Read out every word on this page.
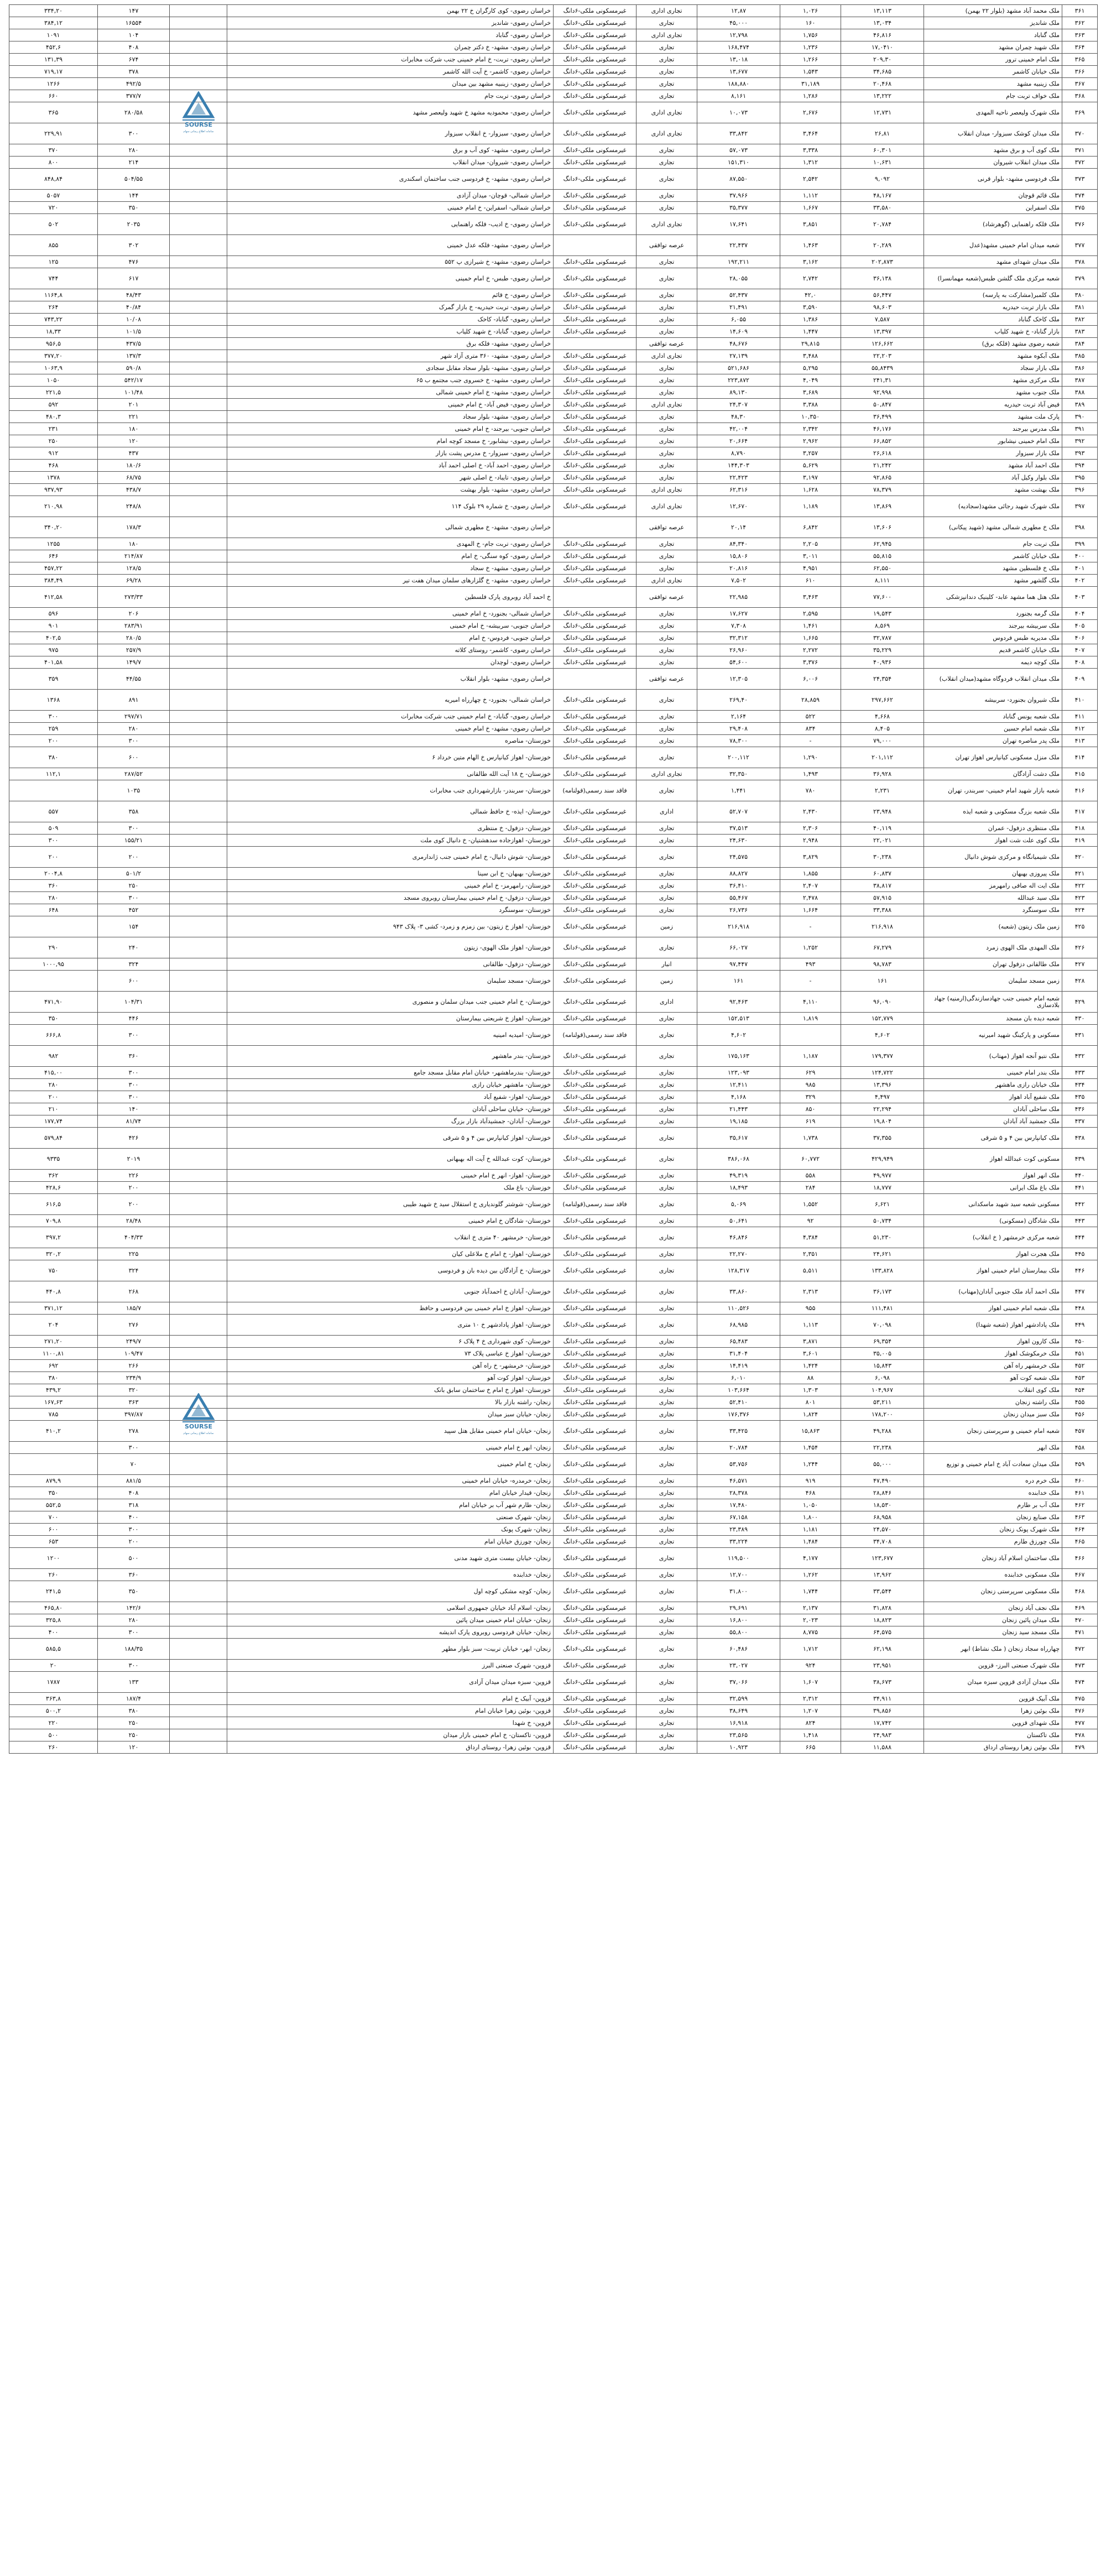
۳۶۱	ملک محمد آباد مشهد (بلوار ۲۲ بهمن)	۱۳,۱۱۳	۱,۰۲۶	۱۲,۸۷	تجاری اداری	غیرمسکونی ملکی-۶دانگ	خراسان رضوی- کوی کارگران خ ۲۲ بهمن		۱۴۷	۳۳۴,۲۰
۳۶۲	ملک شاندیز	۱۳,۰۳۴	۱۶۰	۴۵,۰۰۰	تجاری	غیرمسکونی ملکی-۶دانگ	خراسان رضوی- شاندیز		۱۶۵۵۴	۳۸۴,۱۲
۳۶۳	ملک گناباد	۴۶,۸۱۶	۱,۷۵۶	۱۲,۷۹۸	تجاری اداری	غیرمسکونی ملکی-۶دانگ	خراسان رضوی- گناباد		۱۰۴	۱۰۹۱
۳۶۴	ملک شهید چمران مشهد	۱۷,۰۴۱۰	۱,۲۳۶	۱۶۸,۴۷۴	تجاری	غیرمسکونی ملکی-۶دانگ	خراسان رضوی- مشهد- خ دکتر چمران		۴۰۸	۴۵۲,۶
۳۶۵	ملک امام خمینی ترور	۲۰۹,۳۰	۱,۲۶۶	۱۳,۰۱۸	تجاری	غیرمسکونی ملکی-۶دانگ	خراسان رضوی- تربت- خ امام خمینی جنب شرکت مخابرات		۶۷۴	۱۳۱,۳۹
۳۶۶	ملک خیابان کاشمر	۳۴,۶۸۵	۱,۵۴۳	۱۳,۶۷۷	تجاری	غیرمسکونی ملکی-۶دانگ	خراسان رضوی- کاشمر- خ آیت الله کاشمر		۳۷۸	۷۱۹,۱۷
۳۶۷	ملک زینبیه مشهد	۲۰,۴۶۸	۳۱,۱۸۹	۱۸۸,۸۸۰	تجاری	غیرمسکونی ملکی-۶دانگ	خراسان رضوی- زینبیه مشهد بین میدان		۴۹۲/۵	۱۲۶۶
۳۶۸	ملک خواف تربت جام	۱۳,۲۲۲	۱,۲۸۶	۸,۱۶۱	تجاری	غیرمسکونی ملکی-۶دانگ	خراسان رضوی- تربت جام		۳۷۷/۷	۶۶۰
۳۶۹	ملک شهرک ولیعصر ناحیه المهدی	۱۲,۷۳۱	۲,۶۷۶	۱۰,۰۷۳	تجاری اداری	غیرمسکونی ملکی-۶دانگ	خراسان رضوی- محمودیه مشهد خ شهید ولیعصر مشهد		۲۸۰/۵۸	۳۶۵
۳۷۰	ملک میدان کوشک سبزوار- میدان انقلاب	۲۶,۸۱	۳,۴۶۴	۳۳,۸۴۲	تجاری اداری	غیرمسکونی ملکی-۶دانگ	خراسان رضوی- سبزوار- خ انقلاب سبزوار		۳۰۰	۲۲۹,۹۱
۳۷۱	ملک کوی آب و برق مشهد	۶۰,۳۰۱	۳,۳۳۸	۵۷,۰۷۳	تجاری	غیرمسکونی ملکی-۶دانگ	خراسان رضوی- مشهد- کوی آب و برق		۲۸۰	۳۷۰
۳۷۲	ملک میدان انقلاب شیروان	۱۰,۶۳۱	۱,۳۱۲	۱۵۱,۳۱۰	تجاری	غیرمسکونی ملکی-۶دانگ	خراسان رضوی- شیروان- میدان انقلاب		۲۱۴	۸۰۰
۳۷۳	ملک فردوسی مشهد- بلوار قرنی	۹,۰۹۲	۲,۵۴۲	۸۷,۵۵۰	تجاری	غیرمسکونی ملکی-۶دانگ	خراسان رضوی- مشهد- خ فردوسی جنب ساختمان اسکندری		۵۰۴/۵۵	۸۴۸,۸۴
۳۷۴	ملک قائم قوچان	۴۸,۱۶۷	۱,۱۱۲	۳۷,۹۶۶	تجاری	غیرمسکونی ملکی-۶دانگ	خراسان شمالی- قوچان- میدان آزادی		۱۴۴	۵۰۵۷
۳۷۵	ملک اسفراین	۳۳,۵۸۰	۱,۶۶۷	۳۵,۳۷۷	تجاری	غیرمسکونی ملکی-۶دانگ	خراسان شمالی- اسفراین- خ امام خمینی		۳۵۰	۷۲۰
۳۷۶	ملک فلکه راهنمایی (گوهرشاد)	۲۰,۷۸۴	۳,۸۵۱	۱۷,۶۴۱	تجاری اداری	غیرمسکونی ملکی-۶دانگ	خراسان رضوی- خ ادیب- فلکه راهنمایی		۲۰۳۵	۵۰۲
۳۷۷	شعبه میدان امام خمینی مشهد(عدل	۲۰,۲۸۹	۱,۴۶۳	۲۲,۴۳۷	عرصه توافقی		خراسان رضوی- مشهد- فلکه عدل خمینی		۳۰۲	۸۵۵
۳۷۸	ملک میدان شهدای مشهد	۲۰۲,۸۷۳	۳,۱۶۲	۱۹۲,۲۱۱	تجاری	غیرمسکونی ملکی-۶دانگ	خراسان رضوی- مشهد- خ شیرازی پ ۵۵۲		۴۷۶	۱۲۵
۳۷۹	شعبه مرکزی ملک گلشن طبس(شعبه مهمانسرا)	۳۶,۱۳۸	۲,۷۴۲	۲۸,۰۵۵	تجاری	غیرمسکونی ملکی-۶دانگ	خراسان رضوی- طبس- خ امام خمینی		۶۱۷	۷۴۴
۳۸۰	ملک کلمبر(مشارکت به پارسه)	۵۶,۴۴۷	۴۲,۰	۵۲,۴۳۷	تجاری	غیرمسکونی ملکی-۶دانگ	خراسان رضوی- خ قائم		۴۸/۴۳	۱۱۶۴,۸
۳۸۱	ملک بازار تربت حیدریه	۹۸,۶۰۳	۳,۵۹۰	۲۱,۴۹۱	تجاری	غیرمسکونی ملکی-۶دانگ	خراسان رضوی- تربت حیدریه- خ بازار گمرک		۴۰/۸۴	۲۶۴
۳۸۲	ملک کاخک گناباد	۷,۵۸۷	۱,۳۸۶	۶,۰۵۵	تجاری	غیرمسکونی ملکی-۶دانگ	خراسان رضوی- گناباد- کاخک		۱۰/۰۸	۷۴۳,۲۲
۳۸۳	بازار گناباد- خ شهید کلیاب	۱۳,۳۹۷	۱,۴۴۷	۱۴,۶۰۹	تجاری	غیرمسکونی ملکی-۶دانگ	خراسان رضوی- گناباد- خ شهید کلیاب		۱۰۱/۵	۱۸,۳۳
۳۸۴	شعبه رضوی مشهد (فلکه برق)	۱۲۶,۶۶۲	۲۹,۸۱۵	۴۸,۶۷۶	عرصه توافقی		خراسان رضوی- مشهد- فلکه برق		۴۳۷/۵	۹۵۶,۵
۳۸۵	ملک آبکوه مشهد	۲۲,۲۰۳	۳,۴۸۸	۲۷,۱۳۹	تجاری اداری	غیرمسکونی ملکی-۶دانگ	خراسان رضوی- مشهد- ۳۶۰ متری آزاد شهر		۱۳۷/۳	۳۷۷,۲۰
۳۸۶	ملک بازار سجاد	۵۵,۸۴۳۹	۵,۲۹۵	۵۲۱,۶۸۶	تجاری	غیرمسکونی ملکی-۶دانگ	خراسان رضوی- مشهد- بلوار سجاد مقابل سجادی		۵۹۰/۸	۱۰۶۳,۹
۳۸۷	ملک مرکزی مشهد	۲۴۱,۳۱	۴,۰۴۹	۲۲۳,۸۷۲	تجاری	غیرمسکونی ملکی-۶دانگ	خراسان رضوی- مشهد- خ خسروی جنب مجتمع ب ۶۵		۵۴۲/۱۷	۱۰۵۰
۳۸۸	ملک جنوب مشهد	۹۲,۹۹۸	۳,۶۸۹	۸۹,۱۳۰	تجاری	غیرمسکونی ملکی-۶دانگ	خراسان رضوی- مشهد- خ امام خمینی شمالی		۱۰۱/۴۸	۲۲۱,۵
۳۸۹	فیض آباد تربت حیدریه	۵۰,۸۴۷	۳,۳۸۸	۲۴,۳۰۷	تجاری اداری	غیرمسکونی ملکی-۶دانگ	خراسان رضوی- فیض آباد- خ امام خمینی		۲۰۱	۵۹۲
۳۹۰	پارک ملت مشهد	۳۶,۴۹۹	۱۰,۳۵۰	۴۸,۳۰	تجاری	غیرمسکونی ملکی-۶دانگ	خراسان رضوی- مشهد- بلوار سجاد		۲۲۱	۴۸۰,۳
۳۹۱	ملک مدرس بیرجند	۴۶,۱۷۶	۲,۳۴۲	۴۲,۰۰۴	تجاری	غیرمسکونی ملکی-۶دانگ	خراسان جنوبی- بیرجند- خ امام خمینی		۱۸۰	۲۳۱
۳۹۲	ملک امام خمینی نیشابور	۶۶,۸۵۲	۲,۹۶۲	۲۰,۶۶۴	تجاری	غیرمسکونی ملکی-۶دانگ	خراسان رضوی- نیشابور- خ مسجد کوچه امام		۱۲۰	۲۵۰
۳۹۳	ملک بازار سبزوار	۲۶,۶۱۸	۳,۲۵۷	۸,۷۹۰	تجاری	غیرمسکونی ملکی-۶دانگ	خراسان رضوی- سبزوار- خ مدرس پشت بازار		۴۳۷	۹۱۲
۳۹۴	ملک احمد آباد مشهد	۲۱,۲۴۲	۵,۶۲۹	۱۴۴,۳۰۳	تجاری	غیرمسکونی ملکی-۶دانگ	خراسان رضوی- احمد آباد- خ اصلی احمد آباد		۱۸۰/۶	۴۶۸
۳۹۵	ملک بلوار وکیل آباد	۹۲,۸۶۵	۳,۱۹۷	۲۲,۴۲۳	تجاری	غیرمسکونی ملکی-۶دانگ	خراسان رضوی- تایباد- خ اصلی شهر		۶۸/۷۵	۱۳۷۸
۳۹۶	ملک بهشت مشهد	۷۸,۳۷۹	۱,۶۲۸	۶۲,۳۱۶	تجاری اداری	غیرمسکونی ملکی-۶دانگ	خراسان رضوی- مشهد- بلوار بهشت		۴۳۸/۷	۹۳۷,۹۳
۳۹۷	ملک شهرک شهید رجائی مشهد(سجادیه)	۱۳,۸۶۹	۱,۱۸۹	۱۲,۶۷۰	تجاری اداری	غیرمسکونی ملکی-۶دانگ	خراسان رضوی- خ شماره ۲۹ بلوک ۱۱۴		۲۴۸/۸	۲۱۰,۹۸
۳۹۸	ملک خ مطهری شمالی مشهد (شهید پیکانی)	۱۳,۶۰۶	۶,۸۴۲	۲۰,۱۴	عرصه توافقی		خراسان رضوی- مشهد- خ مطهری شمالی		۱۷۸/۳	۳۴۰,۲۰
۳۹۹	ملک تربت جام	۶۲,۹۴۵	۲,۲۰۵	۸۴,۳۴۰	تجاری	غیرمسکونی ملکی-۶دانگ	خراسان رضوی- تربت جام- خ المهدی		۱۸۰	۱۲۵۵
۴۰۰	ملک خیابان کاشمر	۵۵,۸۱۵	۳,۰۱۱	۱۵,۸۰۶	تجاری	غیرمسکونی ملکی-۶دانگ	خراسان رضوی- کوه سنگی- خ امام		۲۱۴/۸۷	۶۴۶
۴۰۱	ملک خ فلسطین مشهد	۶۲,۵۵۰	۴,۹۵۱	۲۰,۸۱۶	تجاری	غیرمسکونی ملکی-۶دانگ	خراسان رضوی- مشهد- خ سجاد		۱۲۸/۵	۴۵۷,۲۲
۴۰۲	ملک گلشهر مشهد	۸,۱۱۱	۶۱۰	۷,۵۰۲	تجاری اداری	غیرمسکونی ملکی-۶دانگ	خراسان رضوی- مشهد- خ گلزارهای سلمان میدان هفت تیر		۶۹/۲۸	۳۸۴,۴۹
۴۰۳	ملک هتل هما مشهد عابد- کلینیک دندانپزشکی	۷۷,۶۰۰	۳,۴۶۳	۲۲,۹۸۵	عرصه توافقی		خ احمد آباد روبروی پارک فلسطین		۲۷۳/۳۳	۴۱۲,۵۸
۴۰۴	ملک گرمه بجنورد	۱۹,۵۴۳	۲,۵۹۵	۱۷,۶۲۷	تجاری	غیرمسکونی ملکی-۶دانگ	خراسان شمالی- بجنورد- خ امام خمینی		۲۰۶	۵۹۶
۴۰۵	ملک سربیشه بیرجند	۸,۵۶۹	۱,۴۶۱	۷,۳۰۸	تجاری	غیرمسکونی ملکی-۶دانگ	خراسان جنوبی- سربیشه- خ امام خمینی		۲۸۳/۹۱	۹۰۱
۴۰۶	ملک مدیریه طبس فردوس	۳۲,۷۸۷	۱,۶۶۵	۳۲,۳۱۲	تجاری	غیرمسکونی ملکی-۶دانگ	خراسان جنوبی- فردوس- خ امام		۲۸۰/۵	۴۰۲,۵
۴۰۷	ملک خیابان کاشمر قدیم	۳۵,۲۲۹	۲,۲۷۲	۲۶,۹۶۰	تجاری	غیرمسکونی ملکی-۶دانگ	خراسان رضوی- کاشمر- روستای کلاته		۲۵۷/۹	۹۷۵
۴۰۸	ملک کوچه دیمه	۴۰,۹۳۶	۳,۳۷۶	۵۴,۶۰۰	تجاری	غیرمسکونی ملکی-۶دانگ	خراسان رضوی- لوچدان		۱۴۹/۷	۴۰۱,۵۸
۴۰۹	ملک میدان انقلاب فردوگاه مشهد(میدان انقلاب)	۲۴,۳۵۴	۶,۰۰۶	۱۲,۳۰۵	عرصه توافقی		خراسان رضوی- مشهد- بلوار انقلاب		۴۴/۵۵	۳۵۹
۴۱۰	ملک شیروان بجنورد- سربیشه	۲۹۷,۶۶۲	۲۸,۸۵۹	۲۶۹,۴۰	تجاری	غیرمسکونی ملکی-۶دانگ	خراسان شمالی- بجنورد- خ چهارراه امیریه		۸۹۱	۱۳۶۸
۴۱۱	ملک شعبه یونس گناباد	۴,۶۶۸	۵۲۲	۲,۱۶۴	تجاری	غیرمسکونی ملکی-۶دانگ	خراسان رضوی- گناباد- خ امام خمینی جنب شرکت مخابرات		۲۹۷/۷۱	۳۰۰
۴۱۲	ملک شعبه امام حسین	۸,۴۰۵	۸۳۴	۲۹,۴۰۸	تجاری	غیرمسکونی ملکی-۶دانگ	خراسان رضوی- مشهد- خ امام خمینی		۲۸۰	۲۵۹
۴۱۳	ملک پدر مناصره تهران	۷۹,۰۰۰	-	۷۸,۳۰۰	تجاری	غیرمسکونی ملکی-۶دانگ	خوزستان- مناصره		۳۰۰	۲۰۰
۴۱۴	ملک منزل مسکونی کیانپارس اهواز تهران	۲۰۱,۱۱۲	۱,۲۹۰	۲۰۰,۱۱۲	تجاری	غیرمسکونی ملکی-۶دانگ	خوزستان- اهواز کیانپارس خ الهام متین خرداد ۶		۶۰۰	۳۸۰
۴۱۵	ملک دشت آزادگان	۳۶,۹۲۸	۱,۴۹۳	۳۲,۳۵۰	تجاری اداری	غیرمسکونی ملکی-۶دانگ	خوزستان- خ ۱۸ آیت الله طالقانی		۲۸۷/۵۲	۱۱۲,۱
۴۱۶	شعبه بازار شهید امام خمینی- سربندر، تهران	۲,۲۳۱	۷۸۰	۱,۴۴۱	تجاری	فاقد سند رسمی(قولنامه)	خوزستان- سربندر- بازارشهرداری جنب مخابرات		۱۰۳۵	
۴۱۷	ملک شعبه بزرگ مسکونی و شعبه ایذه	۲۳,۹۴۸	۲,۴۳۰	۵۲,۷۰۷	اداری	غیرمسکونی ملکی-۶دانگ	خوزستان- ایذه- خ حافظ شمالی		۳۵۸	۵۵۷
۴۱۸	ملک منتظری دزفول- عمران	۴۰,۱۱۹	۲,۳۰۶	۳۷,۵۱۳	تجاری	غیرمسکونی ملکی-۶دانگ	خوزستان- دزفول- خ منتظری		۳۰۰	۵۰۹
۴۱۹	ملک کوی علت شت اهواز	۲۲,۰۲۱	۲,۹۴۸	۲۴,۶۳۰	تجاری	غیرمسکونی ملکی-۶دانگ	خوزستان- اهوازجاده سدهشتیان- خ دانیال کوی ملت		۱۵۵/۲۱	۳۰۰
۴۲۰	ملک شیمیانگاه و مرکزی شوش دانیال	۳۰,۲۳۸	۳,۸۲۹	۲۴,۵۷۵	تجاری	غیرمسکونی ملکی-۶دانگ	خوزستان- شوش دانیال- خ امام خمینی جنب ژاندارمری		۲۰۰	۲۰۰
۴۲۱	ملک پیروزی بهبهان	۶۰,۸۳۷	۱,۸۵۵	۸۸,۸۲۷	تجاری	غیرمسکونی ملکی-۶دانگ	خوزستان- بهبهان- خ ابن سینا		۵۰۱/۲	۲۰۰۴,۸
۴۲۲	ملک ایت اله صافی رامهرمز	۳۸,۸۱۷	۲,۴۰۷	۳۶,۴۱۰	تجاری	غیرمسکونی ملکی-۶دانگ	خوزستان- رامهرمز- خ امام خمینی		۲۵۰	۳۶۰
۴۲۳	ملک سید عبدالله	۵۷,۹۱۵	۲,۴۷۸	۵۵,۴۶۷	تجاری	غیرمسکونی ملکی-۶دانگ	خوزستان- دزفول- خ امام خمینی بیمارستان روبروی مسجد		۳۰۰	۲۸۰
۴۲۴	ملک سوسنگرد	۳۳,۳۸۸	۱,۶۶۴	۲۶,۷۳۶	تجاری	غیرمسکونی ملکی-۶دانگ	خوزستان- سوسنگرد		۴۵۲	۶۴۸
۴۲۵	زمین ملک زیتون (شعبه)	۲۱۶,۹۱۸	-	۲۱۶,۹۱۸	زمین	غیرمسکونی ملکی-۶دانگ	خوزستان- اهواز خ زیتون- بین زمزم و زمرد- کشی ۳- پلاک ۹۴۳		۱۵۴	
۴۲۶	ملک المهدی ملک الهوی زمرد	۶۷,۲۷۹	۱,۲۵۲	۶۶,۰۲۷	تجاری	غیرمسکونی ملکی-۶دانگ	خوزستان- اهواز ملک الهوی- زیتون		۲۴۰	۲۹۰
۴۲۷	ملک طالقانی دزفول تهران	۹۸,۷۸۳	۴۹۳	۹۷,۴۴۷	انبار	غیرمسکونی ملکی-۶دانگ	خوزستان- دزفول- طالقانی		۳۲۴	۱۰۰۰,۹۵
۴۲۸	زمین مسجد سلیمان	۱۶۱	-	۱۶۱	زمین	غیرمسکونی ملکی-۶دانگ	خوزستان- مسجد سلیمان		۶۰۰	
۴۲۹	شعبه امام خمینی جنب جهادسازندگی(ارمنیه) جهاد بلادسازی	۹۶,۰۹۰	۴,۱۱۰	۹۲,۴۶۳	اداری	غیرمسکونی ملکی-۶دانگ	خوزستان- خ امام خمینی جنب میدان سلمان و منصوری		۱۰۴/۳۱	۴۷۱,۹۰
۴۳۰	شعبه دیده بان مسجد	۱۵۲,۷۷۹	۱,۸۱۹	۱۵۲,۵۱۳	تجاری	غیرمسکونی ملکی-۶دانگ	خوزستان- اهواز خ شریعتی بیمارستان		۴۴۶	۳۵۰
۴۳۱	مسکونی و پارکینگ شهید امیرنیه	۴,۶۰۲		۴,۶۰۲	تجاری	فاقد سند رسمی(قولنامه)	خوزستان- امیدیه امینیه		۳۰۰	۶۶۶,۸
۴۳۲	ملک نتیو آنجه اهواز (مهتاب)	۱۷۹,۳۷۷	۱,۱۸۷	۱۷۵,۱۶۳	تجاری	غیرمسکونی ملکی-۶دانگ	خوزستان- بندر ماهشهر		۳۶۰	۹۸۲
۴۳۳	ملک بندر امام خمینی	۱۲۴,۷۲۲	۶۲۹	۱۲۳,۰۹۳	تجاری	غیرمسکونی ملکی-۶دانگ	خوزستان- بندرماهشهر- خیابان امام مقابل مسجد جامع		۳۰۰	۴۱۵,۰۰
۴۳۴	ملک خیابان رازی ماهشهر	۱۳,۳۹۶	۹۸۵	۱۲,۴۱۱	تجاری	غیرمسکونی ملکی-۶دانگ	خوزستان- ماهشهر خیابان رازی		۳۰۰	۲۸۰
۴۳۵	ملک شفیع آباد اهواز	۴,۴۹۷	۳۲۹	۴,۱۶۸	تجاری	غیرمسکونی ملکی-۶دانگ	خوزستان- اهواز- شفیع آباد		۳۰۰	۲۰۰
۴۳۶	ملک ساحلی آبادان	۲۲,۲۹۴	۸۵۰	۲۱,۴۴۳	تجاری	غیرمسکونی ملکی-۶دانگ	خوزستان- خیابان ساحلی آبادان		۱۴۰	۲۱۰
۴۳۷	ملک جمشید آباد آبادان	۱۹,۸۰۴	۶۱۹	۱۹,۱۸۵	تجاری	غیرمسکونی ملکی-۶دانگ	خوزستان- آبادان- جمشیدآباد بازار بزرگ		۸۱/۷۴	۱۷۷,۷۴
۴۳۸	ملک کیانپارس بین ۴ و ۵ شرقی	۳۷,۳۵۵	۱,۷۳۸	۳۵,۶۱۷	تجاری	غیرمسکونی ملکی-۶دانگ	خوزستان- اهواز کیانپارس بین ۴ و ۵ شرقی		۴۲۶	۵۷۹,۸۴
۴۳۹	مسکونی کوت عبدالله اهواز	۴۲۹,۹۴۹	۶۰,۷۷۲	۳۸۶,۰۶۸	تجاری	غیرمسکونی ملکی-۶دانگ	خوزستان- کوت عبدالله خ آیت اله بهبهانی		۲۰۱۹	۹۳۳۵
۴۴۰	ملک انهر اهواز	۴۹,۹۷۷	۵۵۸	۴۹,۳۱۹	تجاری	غیرمسکونی ملکی-۶دانگ	خوزستان- اهواز- انهر خ امام خمینی		۲۲۶	۳۶۲
۴۴۱	ملک باغ ملک ایرانی	۱۸,۷۷۷	۲۸۴	۱۸,۴۹۳	تجاری	غیرمسکونی ملکی-۶دانگ	خوزستان- باغ ملک		۲۰۰	۴۲۸,۶
۴۴۲	مسکونی شعبه سید شهید ماسکدانی	۶,۶۲۱	۱,۵۵۲	۵,۰۶۹	تجاری	فاقد سند رسمی(قولنامه)	خوزستان- شوشتر گلوندیاری خ استقلال سید خ شهید طیبی		۲۰۰	۶۱۶,۵
۴۴۳	ملک شادگان (مسکونی)	۵۰,۷۳۴	۹۲	۵۰,۶۴۱	تجاری	غیرمسکونی ملکی-۶دانگ	خوزستان- شادگان خ امام خمینی		۲۸/۴۸	۷۰۹,۸
۴۴۴	شعبه مرکزی خرمشهر ( خ انقلاب)	۵۱,۲۳۰	۴,۳۸۴	۴۶,۸۴۶	تجاری	غیرمسکونی ملکی-۶دانگ	خوزستان- خرمشهر ۴۰ متری خ انقلاب		۴۰۴/۳۳	۳۹۷,۲
۴۴۵	ملک هجرت اهواز	۲۴,۶۲۱	۲,۳۵۱	۲۲,۲۷۰	تجاری	غیرمسکونی ملکی-۶دانگ	خوزستان- اهواز- خ امام خ ملاعلی کیان		۲۲۵	۳۲۰,۲
۴۴۶	ملک بیمارستان امام خمینی اهواز	۱۳۳,۸۲۸	۵,۵۱۱	۱۲۸,۳۱۷	تجاری	غیرمسکونی ملکی-۶دانگ	خوزستان- خ آزادگان بین دیده بان و فردوسی		۳۲۴	۷۵۰
۴۴۷	ملک احمد آباد ملک جنوبی آبادان(مهتاب)	۳۶,۱۷۳	۲,۳۱۳	۳۳,۸۶۰	تجاری	غیرمسکونی ملکی-۶دانگ	خوزستان- آبادان خ احمدآباد جنوبی		۲۶۸	۴۴۰,۸
۴۴۸	ملک شعبه امام خمینی اهواز	۱۱۱,۴۸۱	۹۵۵	۱۱۰,۵۲۶	تجاری	غیرمسکونی ملکی-۶دانگ	خوزستان- اهواز خ امام خمینی بین فردوسی و حافظ		۱۸۵/۷	۳۷۱,۱۲
۴۴۹	ملک پادادشهر اهواز (شعبه شهدا)	۷۰,۰۹۸	۱,۱۱۳	۶۸,۹۸۵	تجاری	غیرمسکونی ملکی-۶دانگ	خوزستان- اهواز پادادشهر خ ۱۰ متری		۲۷۶	۲۰۴
۴۵۰	ملک کارون اهواز	۶۹,۳۵۴	۳,۸۷۱	۶۵,۴۸۳	تجاری	غیرمسکونی ملکی-۶دانگ	خوزستان- کوی شهرداری خ ۴ پلاک ۶		۲۴۹/۷	۲۷۱,۲۰
۴۵۱	ملک خرمکوشک اهواز	۳۵,۰۰۵	۳,۶۰۱	۳۱,۴۰۴	تجاری	غیرمسکونی ملکی-۶دانگ	خوزستان- اهواز خ عباسی پلاک ۷۳		۱۰۹/۴۷	۱۱۰۰,۸۱
۴۵۲	ملک خرمشهر راه آهن	۱۵,۸۴۳	۱,۴۲۴	۱۴,۴۱۹	تجاری	غیرمسکونی ملکی-۶دانگ	خوزستان- خرمشهر- خ راه آهن		۲۶۶	۶۹۲
۴۵۳	ملک شعبه کوت آهو	۶,۰۹۸	۸۸	۶,۰۱۰	تجاری	غیرمسکونی ملکی-۶دانگ	خوزستان- اهواز کوت آهو		۲۳۴/۹	۳۸۰
۴۵۴	ملک کوی انقلاب	۱۰۴,۹۶۷	۱,۳۰۳	۱۰۳,۶۶۴	تجاری	غیرمسکونی ملکی-۶دانگ	خوزستان- اهواز خ امام خ ساختمان سابق بانک		۳۲۰	۴۳۹,۲
۴۵۵	ملک راشته زنجان	۵۳,۲۱۱	۸۰۱	۵۲,۴۱۰	تجاری	غیرمسکونی ملکی-۶دانگ	زنجان- راشته بازار بالا		۳۶۳	۱۶۷,۶۳
۴۵۶	ملک سبز میدان زنجان	۱۷۸,۲۰۰	۱,۸۲۴	۱۷۶,۳۷۶	تجاری	غیرمسکونی ملکی-۶دانگ	زنجان- خیابان سبز میدان		۳۹۷/۸۷	۷۸۵
۴۵۷	شعبه امام خمینی و سرپرستی زنجان	۴۹,۲۸۸	۱۵,۸۶۳	۳۳,۴۲۵	تجاری	غیرمسکونی ملکی-۶دانگ	زنجان- خیابان امام خمینی مقابل هتل سپید		۲۷۸	۴۱۰,۲
۴۵۸	ملک ابهر	۲۲,۲۳۸	۱,۴۵۴	۲۰,۷۸۴	تجاری	غیرمسکونی ملکی-۶دانگ	زنجان- ابهر خ امام خمینی		۳۰۰	
۴۵۹	ملک میدان سعادت آباد خ امام خمینی و توزیع	۵۵,۰۰۰	۱,۲۴۴	۵۳,۷۵۶	تجاری	غیرمسکونی ملکی-۶دانگ	زنجان- خ امام خمینی		۷۰	
۴۶۰	ملک خرم دره	۴۷,۴۹۰	۹۱۹	۴۶,۵۷۱	تجاری	غیرمسکونی ملکی-۶دانگ	زنجان- خرمدره- خیابان امام خمینی		۸۸۱/۵	۸۷۹,۹
۴۶۱	ملک خدابنده	۲۸,۸۴۶	۴۶۸	۲۸,۳۷۸	تجاری	غیرمسکونی ملکی-۶دانگ	زنجان- قیدار خیابان امام		۴۰۸	۳۵۰
۴۶۲	ملک آب بر طارم	۱۸,۵۳۰	۱,۰۵۰	۱۷,۴۸۰	تجاری	غیرمسکونی ملکی-۶دانگ	زنجان- طارم شهر آب بر خیابان امام		۳۱۸	۵۵۲,۵
۴۶۳	ملک صنایع زنجان	۶۸,۹۵۸	۱,۸۰۰	۶۷,۱۵۸	تجاری	غیرمسکونی ملکی-۶دانگ	زنجان- شهرک صنعتی		۴۰۰	۷۰۰
۴۶۴	ملک شهرک پونک زنجان	۲۴,۵۷۰	۱,۱۸۱	۲۳,۳۸۹	تجاری	غیرمسکونی ملکی-۶دانگ	زنجان- شهرک پونک		۳۰۰	۶۰۰
۴۶۵	ملک چورزق طارم	۳۴,۷۰۸	۱,۴۸۴	۳۳,۲۲۴	تجاری	غیرمسکونی ملکی-۶دانگ	زنجان- چورزق خیابان امام		۲۰۰	۶۵۳
۴۶۶	ملک ساختمان اسلام آباد زنجان	۱۲۳,۶۷۷	۴,۱۷۷	۱۱۹,۵۰۰	تجاری	غیرمسکونی ملکی-۶دانگ	زنجان- خیابان بیست متری شهید مدنی		۵۰۰	۱۲۰۰
۴۶۷	ملک مسکونی خدابنده	۱۳,۹۶۲	۱,۲۶۲	۱۲,۷۰۰	تجاری	غیرمسکونی ملکی-۶دانگ	زنجان- خدابنده		۳۶۰	۲۶۰
۴۶۸	ملک مسکونی سرپرستی زنجان	۳۳,۵۴۴	۱,۷۴۴	۳۱,۸۰۰	تجاری	غیرمسکونی ملکی-۶دانگ	زنجان- کوچه مشکی کوچه اول		۳۵۰	۲۴۱,۵
۴۶۹	ملک نجف آباد زنجان	۳۱,۸۲۸	۲,۱۳۷	۲۹,۶۹۱	تجاری	غیرمسکونی ملکی-۶دانگ	زنجان- اسلام آباد خیابان جمهوری اسلامی		۱۴۲/۶	۴۶۵,۸۰
۴۷۰	ملک میدان پائین زنجان	۱۸,۸۲۳	۲,۰۲۳	۱۶,۸۰۰	تجاری	غیرمسکونی ملکی-۶دانگ	زنجان- خیابان امام خمینی میدان پائین		۲۸۰	۳۲۵,۸
۴۷۱	ملک مسجد سید زنجان	۶۴,۵۷۵	۸,۷۷۵	۵۵,۸۰۰	تجاری	غیرمسکونی ملکی-۶دانگ	زنجان- خیابان فردوسی روبروی پارک اندیشه		۳۰۰	۴۰۰
۴۷۲	چهارراه سجاد زنجان ( ملک نشاط) ابهر	۶۲,۱۹۸	۱,۷۱۲	۶۰,۴۸۶	تجاری	غیرمسکونی ملکی-۶دانگ	زنجان- ابهر- خیابان تربیت- سبز بلوار مطهر		۱۸۸/۳۵	۵۸۵,۵
۴۷۳	ملک شهرک صنعتی البرز- قزوین	۲۳,۹۵۱	۹۲۴	۲۳,۰۲۷	تجاری	غیرمسکونی ملکی-۶دانگ	قزوین- شهرک صنعتی البرز		۳۰۰	۲۰
۴۷۴	ملک میدان آزادی قزوین سبزه میدان	۳۸,۶۷۳	۱,۶۰۷	۳۷,۰۶۶	تجاری	غیرمسکونی ملکی-۶دانگ	قزوین- سبزه میدان میدان آزادی		۱۳۳	۱۷۸۷
۴۷۵	ملک آبیک قزوین	۳۴,۹۱۱	۲,۳۱۲	۳۲,۵۹۹	تجاری	غیرمسکونی ملکی-۶دانگ	قزوین- آبیک خ امام		۱۸۷/۴	۳۶۳,۸
۴۷۶	ملک بوئین زهرا	۳۹,۸۵۶	۱,۲۰۷	۳۸,۶۴۹	تجاری	غیرمسکونی ملکی-۶دانگ	قزوین- بوئین زهرا خیابان امام		۳۸۰	۵۰۰,۲
۴۷۷	ملک شهدای قزوین	۱۷,۷۴۲	۸۲۴	۱۶,۹۱۸	تجاری	غیرمسکونی ملکی-۶دانگ	قزوین- خ شهدا		۲۵۰	۲۲۰
۴۷۸	ملک تاکستان	۲۴,۹۸۳	۱,۴۱۸	۲۳,۵۶۵	تجاری	غیرمسکونی ملکی-۶دانگ	قزوین- تاکستان- خ امام خمینی بازار میدان		۲۵۰	۵۰۰
۴۷۹	ملک بوئین زهرا روستای ارداق	۱۱,۵۸۸	۶۶۵	۱۰,۹۲۳	تجاری	غیرمسکونی ملکی-۶دانگ	قزوین- بوئین زهرا- روستای ارداق		۱۲۰	۲۶۰
SOURSE
سامانه اطلاع رسانی سهام
SOURSE
سامانه اطلاع رسانی سهام
